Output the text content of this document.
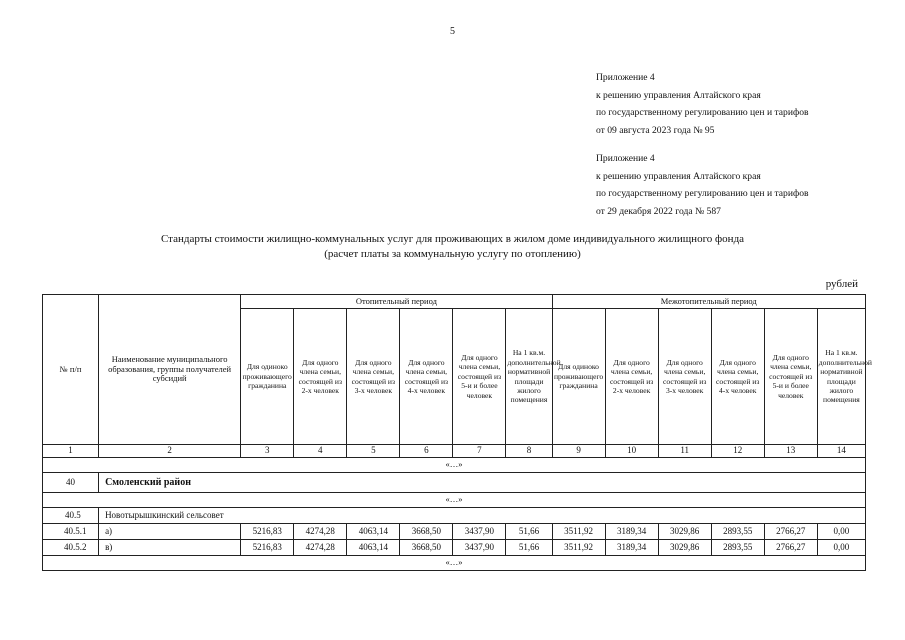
5
Приложение 4
к решению управления Алтайского края
по государственному регулированию цен и тарифов
от 09 августа 2023 года № 95
Приложение 4
к решению управления Алтайского края
по государственному регулированию цен и тарифов
от 29 декабря 2022 года № 587
Стандарты стоимости жилищно-коммунальных услуг для проживающих в жилом доме индивидуального жилищного фонда
(расчет платы за коммунальную услугу по отоплению)
рублей
№ п/п	Наименование муниципального образования, группы получателей субсидий	Отопительный период						Межотопительный период					
		Для одиноко проживающего гражданина	Для одного члена семьи, состоящей из 2-х человек	Для одного члена семьи, состоящей из 3-х человек	Для одного члена семьи, состоящей из 4-х человек	Для одного члена семьи, состоящей из 5-и и более человек	На 1 кв.м. дополнительной нормативной площади жилого помещения	Для одиноко проживающего гражданина	Для одного члена семьи, состоящей из 2-х человек	Для одного члена семьи, состоящей из 3-х человек	Для одного члена семьи, состоящей из 4-х человек	Для одного члена семьи, состоящей из 5-и и более человек	На 1 кв.м. дополнительной нормативной площади жилого помещения
1	2	3	4	5	6	7	8	9	10	11	12	13	14
«…»													
40	Смоленский район												
«…»													
40.5	Новотырышкинский сельсовет												
40.5.1	а)	5216,83	4274,28	4063,14	3668,50	3437,90	51,66	3511,92	3189,34	3029,86	2893,55	2766,27	0,00
40.5.2	в)	5216,83	4274,28	4063,14	3668,50	3437,90	51,66	3511,92	3189,34	3029,86	2893,55	2766,27	0,00
«…»													
